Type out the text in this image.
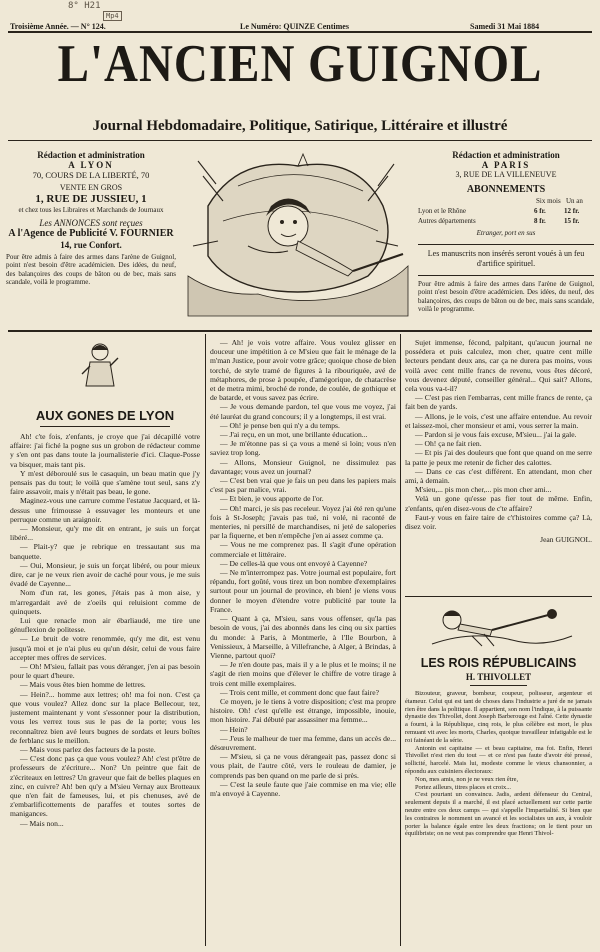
8° H21
Mp4
Troisième Année. — N° 124.	Le Numéro: QUINZE Centimes	Samedi 31 Mai 1884
L'ANCIEN GUIGNOL
Journal Hebdomadaire, Politique, Satirique, Littéraire et illustré
Rédaction et administration
A LYON
70, COURS DE LA LIBERTÉ, 70
VENTE EN GROS
1, RUE DE JUSSIEU, 1
et chez tous les Libraires et Marchands de Journaux
Les ANNONCES sont reçues
A l'Agence de Publicité V. FOURNIER
14, rue Confort.
Pour être admis à faire des armes dans l'arène de Guignol, point n'est besoin d'être académicien. Des idées, du neuf, des balançoires des coups de bâton ou de bec, mais sans scandale, voilà le programme.
Rédaction et administration
A PARIS
3, RUE DE LA VILLENEUVE
ABONNEMENTS
Six mois Un an
Lyon et le Rhône	6 fr.	12 fr.
Autres départements	8 fr.	15 fr.
Etranger, port en sus
Les manuscrits non insérés seront voués à un feu d'artifice spirituel.
Pour être admis à faire des armes dans l'arène de Guignol, point n'est besoin d'être académicien. Des idées, du neuf, des balançoires, des coups de bâton ou de bec, mais sans scandale, voilà le programme.
AUX GONES DE LYON

Ah! c'te fois, z'enfants, je croye que j'ai décapillé votre affaire: j'ai fiché la pogne sus un grobon de rédacteur comme y s'en ont pas dans toute la journalisterie d'ici. Claque-Posse va bisquer, mais tant pis.

Y m'est déboroulé sus le casaquin, un beau matin que j'y pensais pas du tout; le voilà que s'amène tout seul, sans z'y faire assavoir, mais y n'était pas beau, le gone.

Maginez-vous une carrure comme l'estatue Jacquard, et là-dessus une frimousse à essuvager les monteurs et une perruque comme un araignoir.

— Monsieur, qu'y me dit en entrant, je suis un forçat libéré...

— Plait-y? que je rebrique en tressautant sus ma banquette.

— Oui, Monsieur, je suis un forçat libéré, ou pour mieux dire, car je ne veux rien avoir de caché pour vous, je me suis évadé de Cayenne...

Nom d'un rat, les gones, j'étais pas à mon aise, y m'arregardait avé de z'oeils qui reluisiont comme de quinquets.

Lui que renacle mon air ébarliaudé, me tire une génuflexion de politesse.

— Le bruit de votre renommée, qu'y me dit, est venu jusqu'à moi et je n'ai plus eu qu'un désir, celui de vous faire accepter mes offres de services.

— Oh! M'sieu, fallait pas vous déranger, j'en ai pas besoin pour le quart d'heure.

— Mais vous êtes bien homme de lettres.

— Hein?... homme aux lettres; oh! ma foi non. C'est ça que vous voulez? Allez donc sur la place Bellecour, tez, justement maintenant y vont s'essonner pour la distribution, vous les verrez tous sus le pas de la porte; vous les reconnaîtrez bien avé leurs bugnes de sordats et leurs boîtes de ferblanc sus le meillon.

— Mais vous parlez des facteurs de la poste.

— C'est donc pas ça que vous voulez? Ah! c'est pt'être de professeurs de z'écriture... Non? Un peintre que fait de z'écriteaux en lettres? Un graveur que fait de belles plaques en zinc, en cuivre? Ah! ben qu'y a M'sieu Vernay aux Brotteaux que n'en fait de fameuses, lui, et pis chenuses, avé de z'embarlificottements de paraffes et toutes sortes de manigances.

— Mais non...

— Ah! je vois votre affaire. Vous voulez glisser en douceur une impétition à ce M'sieu que fait le ménage de la m'man Justice, pour avoir votre grâce; quoique chose de bien torché, de style tramé de figures à la ribouriquée, avé de métaphores, de prose à poupée, d'amégorique, de chatacrèse et de metra mimi, broché de ronde, de coulée, de gothique et de batarde, et vous savez pas écrire.

— Je vous demande pardon, tel que vous me voyez, j'ai été lauréat du grand concours; il y a longtemps, il est vrai.

— Oh! je pense ben qui n'y a du temps.

— J'ai reçu, en un mot, une brillante éducation...

— Je m'étonne pas si ça vous a mené si loin; vous n'en saviez trop long.

— Allons, Monsieur Guignol, ne dissimulez pas davantage; vous avez un journal?

— C'est ben vrai que je fais un peu dans les papiers mais c'est pas par malice, vrai.

— Et bien, je vous apporte de l'or.

— Oh! marci, je sis pas receleur. Voyez j'ai été ren qu'une fois à St-Joseph; j'avais pas tué, ni volé, ni raconté de menteries, ni persillé de marchandises, ni jeté de saloperies par la fiquerne, et ben n'empêche j'en ai assez comme ça.

— Vous ne me comprenez pas. Il s'agit d'une opération commerciale et littéraire.

— De celles-là que vous ont envoyé à Cayenne?

— Ne m'interrompez pas. Votre journal est populaire, fort répandu, fort goûté, vous tirez un bon nombre d'exemplaires surtout pour un journal de province, eh bien! je viens vous donner le moyen d'étendre votre publicité par toute la France.

— Quant à ça, M'sieu, sans vous offenser, qu'la pas besoin de vous, j'ai des abonnés dans les cinq ou six parties du monde: à Paris, à Montmerle, à l'Ile Bourbon, à Venissieux, à Marseille, à Villefranche, à Alger, à Brindas, à Vienne, partout quoi?

— Je n'en doute pas, mais il y a le plus et le moins; il ne s'agit de rien moins que d'élever le chiffre de votre tirage à trois cent mille exemplaires.

— Trois cent mille, et comment donc que faut faire?

Ce moyen, je le tiens à votre disposition; c'est ma propre histoire. Oh! c'est qu'elle est étrange, impossible, inouie, mon histoire. J'ai débuté par assassiner ma femme...

— Hein?

— J'eus le malheur de tuer ma femme, dans un accès de... désœuvrement.

— M'sieu, si ça ne vous dérangeait pas, passez donc si vous plait, de l'autre côté, vers le rouleau de damier, je comprends pas ben quand on me parle de si près.

— C'est la seule faute que j'aie commise en ma vie; elle m'a envoyé à Cayenne.

Sujet immense, fécond, palpitant, qu'aucun journal ne possédera et puis calculez, mon cher, quatre cent mille lecteurs pendant deux ans, car ça ne durera pas moins, vous voilà avec cent mille francs de revenu, vous êtes décoré, vous devenez député, conseiller général... Qui sait? Allons, cela vous va-t-il?

— C'est pas rien l'embarras, cent mille francs de rente, ça fait ben de yards.

— Allons, je le vois, c'est une affaire entendue. Au revoir et laissez-moi, cher monsieur et ami, vous serrer la main.

— Pardon si je vous fais excuse, M'sieu... j'ai la gale.

— Oh! ça ne fait rien.

— Et pis j'ai des douleurs que font que quand on me serre la patte je peux me retenir de ficher des calottes.

— Dans ce cas c'est différent. En attendant, mon cher ami, à demain.

M'sieu,... pis mon cher,... pis mon cher ami...

Velà un gone qu'esse pas fier tout de même. Enfin, z'enfants, qu'en disez-vous de c'te affaire?

Faut-y vous en faire taire de c't'histoires comme ça? Là, disez voir.

Jean GUIGNOL.

LES ROIS RÉPUBLICAINS
H. THIVOLLET

Bizouteur, graveur, bombeur, coupeur, polisseur, argenteur et étameur. Celui qui est tant de choses dans l'industrie a juré de ne jamais rien être dans la politique. Il appartient, son nom l'indique, à la puissante dynastie des Thivollet, dont Joseph Barberouge est l'aîné. Cette dynastie a fourni, à la République, cinq rois, le plus célèbre est mort, le plus remuant vit avec les morts, Charles, quoique travailleur infatigable est le roi fainéant de la série.

Antonin est capitaine — et beau capitaine, ma foi. Enfin, Henri Thivollet n'est rien du tout — et ce n'est pas faute d'avoir été pressé, sollicité, harcelé. Mais lui, modeste comme le vieux chansonnier, a répondu aux cuisiniers électoraux:

Non, mes amis, non je ne veux rien être,

Portez ailleurs, titres places et croix...

C'est pourtant un convaincu. Jadis, ardent défenseur du Central, seulement depuis il a marché, il est placé actuellement sur cette partie neutre entre ces deux camps — qui s'appelle l'impartialité. Si bien que les contraires le nomment un avancé et les socialistes un aux, à vouloir porter la balance égale entre les deux fractions; on le tient pour un équilibriste; on ne veut pas comprendre que Henri Thivol-
